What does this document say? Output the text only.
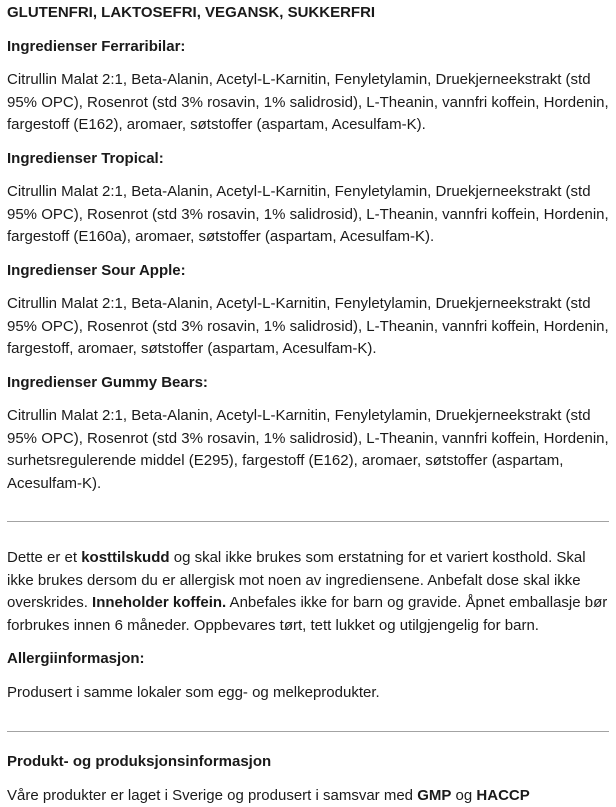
GLUTENFRI, LAKTOSEFRI, VEGANSK, SUKKERFRI

Ingredienser Ferraribilar:

Citrullin Malat 2:1, Beta-Alanin, Acetyl-L-Karnitin, Fenyletylamin, Druekjerneekstrakt (std 95% OPC), Rosenrot (std 3% rosavin, 1% salidrosid), L-Theanin, vannfri koffein, Hordenin, fargestoff (E162), aromaer, søtstoffer (aspartam, Acesulfam-K).

Ingredienser Tropical:

Citrullin Malat 2:1, Beta-Alanin, Acetyl-L-Karnitin, Fenyletylamin, Druekjerneekstrakt (std 95% OPC), Rosenrot (std 3% rosavin, 1% salidrosid), L-Theanin, vannfri koffein, Hordenin, fargestoff (E160a), aromaer, søtstoffer (aspartam, Acesulfam-K).

Ingredienser Sour Apple:

Citrullin Malat 2:1, Beta-Alanin, Acetyl-L-Karnitin, Fenyletylamin, Druekjerneekstrakt (std 95% OPC), Rosenrot (std 3% rosavin, 1% salidrosid), L-Theanin, vannfri koffein, Hordenin, fargestoff, aromaer, søtstoffer (aspartam, Acesulfam-K).

Ingredienser Gummy Bears:

Citrullin Malat 2:1, Beta-Alanin, Acetyl-L-Karnitin, Fenyletylamin, Druekjerneekstrakt (std 95% OPC), Rosenrot (std 3% rosavin, 1% salidrosid), L-Theanin, vannfri koffein, Hordenin, surhetsregulerende middel (E295), fargestoff (E162), aromaer, søtstoffer (aspartam, Acesulfam-K).

Dette er et kosttilskudd og skal ikke brukes som erstatning for et variert kosthold. Skal ikke brukes dersom du er allergisk mot noen av ingrediensene. Anbefalt dose skal ikke overskrides. Inneholder koffein. Anbefales ikke for barn og gravide. Åpnet emballasje bør forbrukes innen 6 måneder. Oppbevares tørt, tett lukket og utilgjengelig for barn.

Allergiinformasjon:

Produsert i samme lokaler som egg- og melkeprodukter.

Produkt- og produksjonsinformasjon

Våre produkter er laget i Sverige og produsert i samsvar med GMP og HACCP
